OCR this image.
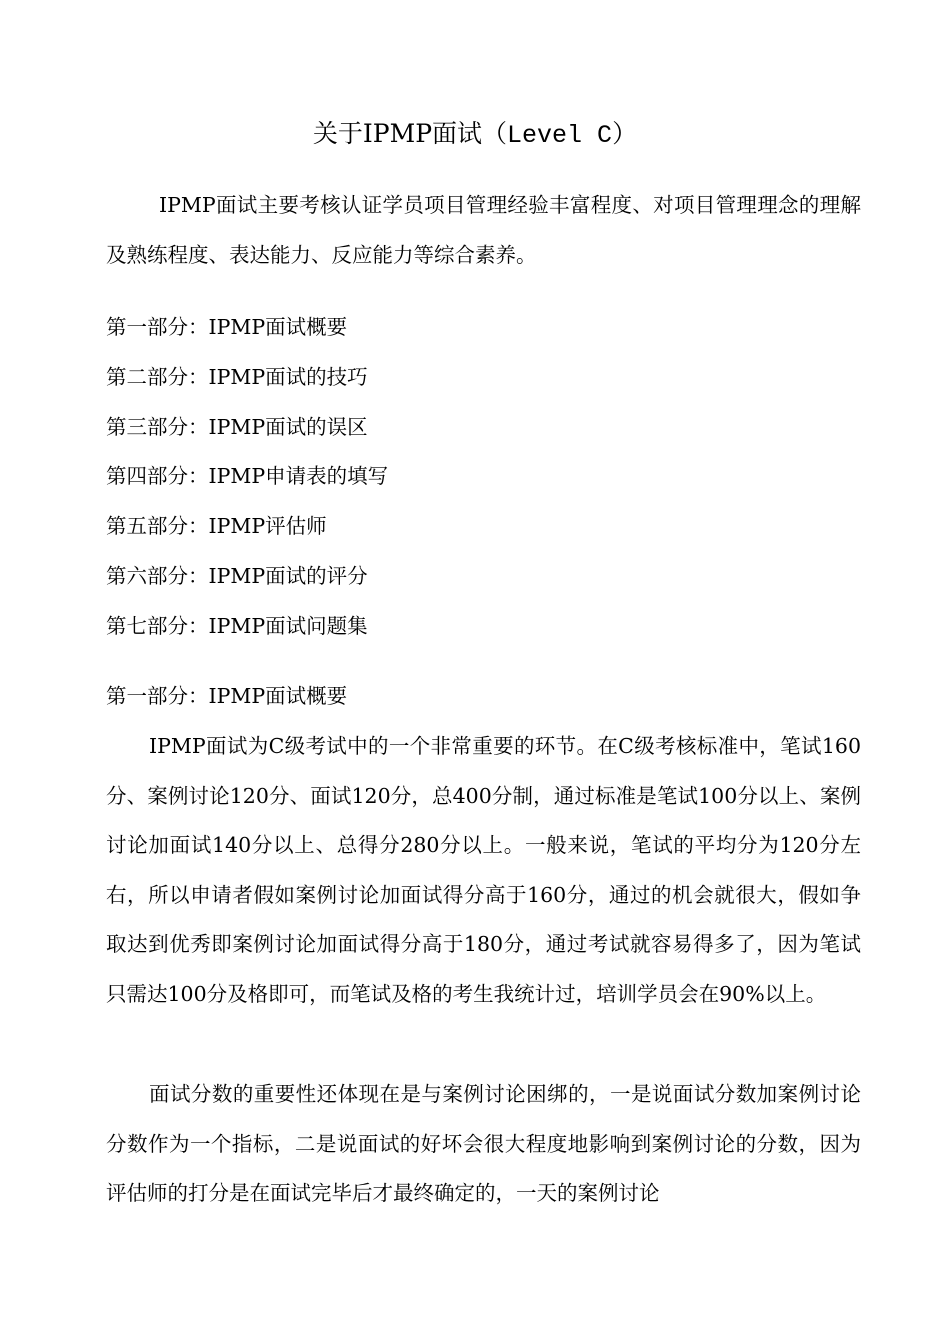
关于IPMP面试（Level C）

IPMP面试主要考核认证学员项目管理经验丰富程度、对项目管理理念的理解及熟练程度、表达能力、反应能力等综合素养。

第一部分：IPMP面试概要
第二部分：IPMP面试的技巧
第三部分：IPMP面试的误区
第四部分：IPMP申请表的填写
第五部分：IPMP评估师
第六部分：IPMP面试的评分
第七部分：IPMP面试问题集
第一部分：IPMP面试概要

IPMP面试为C级考试中的一个非常重要的环节。在C级考核标准中，笔试160分、案例讨论120分、面试120分，总400分制，通过标准是笔试100分以上、案例讨论加面试140分以上、总得分280分以上。一般来说，笔试的平均分为120分左右，所以申请者假如案例讨论加面试得分高于160分，通过的机会就很大，假如争取达到优秀即案例讨论加面试得分高于180分，通过考试就容易得多了，因为笔试只需达100分及格即可，而笔试及格的考生我统计过，培训学员会在90%以上。

面试分数的重要性还体现在是与案例讨论困绑的，一是说面试分数加案例讨论分数作为一个指标，二是说面试的好坏会很大程度地影响到案例讨论的分数，因为评估师的打分是在面试完毕后才最终确定的，一天的案例讨论
